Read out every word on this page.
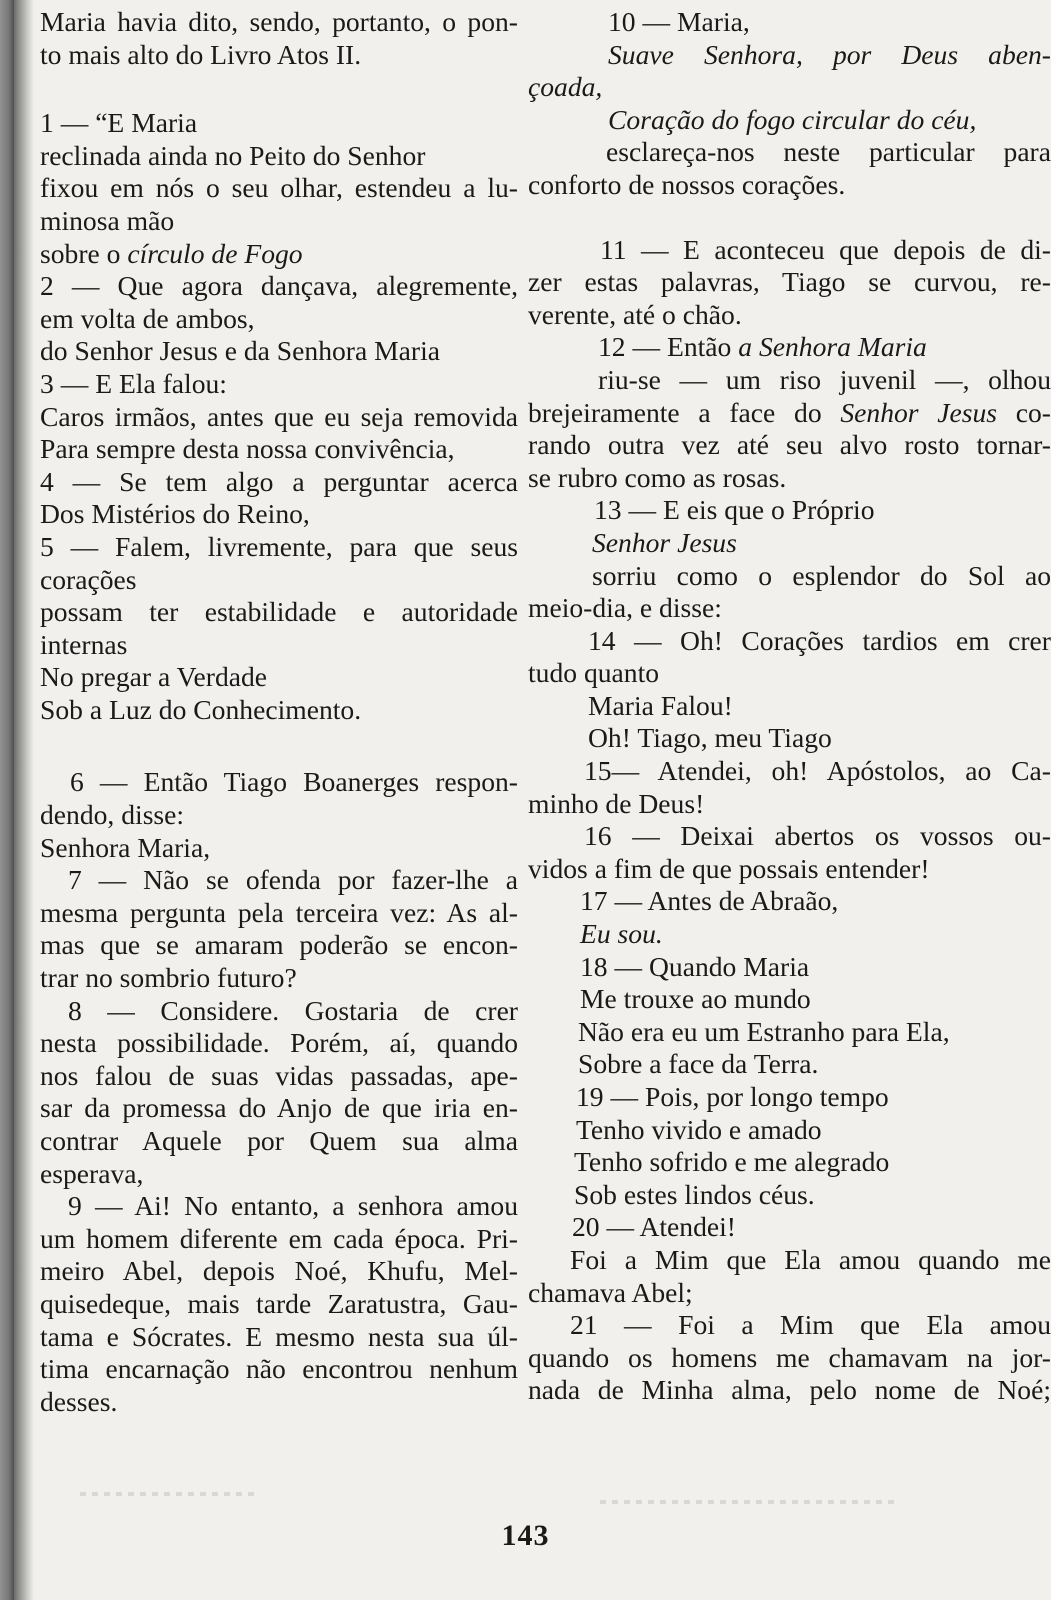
Maria havia dito, sendo, portanto, o pon-

to mais alto do Livro Atos II.

1 — “E Maria

reclinada ainda no Peito do Senhor

fixou em nós o seu olhar, estendeu a lu-

minosa mão

sobre o círculo de Fogo

2 — Que agora dançava, alegremente,

em volta de ambos,

do Senhor Jesus e da Senhora Maria

3 — E Ela falou:

Caros irmãos, antes que eu seja removida

Para sempre desta nossa convivência,

4 — Se tem algo a perguntar acerca

Dos Mistérios do Reino,

5 — Falem, livremente, para que seus

corações

possam ter estabilidade e autoridade

internas

No pregar a Verdade

Sob a Luz do Conhecimento.

6 — Então Tiago Boanerges respon-

dendo, disse:

Senhora Maria,

7 — Não se ofenda por fazer-lhe a

mesma pergunta pela terceira vez: As al-

mas que se amaram poderão se encon-

trar no sombrio futuro?

8 — Considere. Gostaria de crer

nesta possibilidade. Porém, aí, quando

nos falou de suas vidas passadas, ape-

sar da promessa do Anjo de que iria en-

contrar Aquele por Quem sua alma

esperava,

9 — Ai! No entanto, a senhora amou

um homem diferente em cada época. Pri-

meiro Abel, depois Noé, Khufu, Mel-

quisedeque, mais tarde Zaratustra, Gau-

tama e Sócrates. E mesmo nesta sua úl-

tima encarnação não encontrou nenhum

desses.

10 — Maria,

Suave Senhora, por Deus aben-

çoada,

Coração do fogo circular do céu,

esclareça-nos neste particular para

conforto de nossos corações.

11 — E aconteceu que depois de di-

zer estas palavras, Tiago se curvou, re-

verente, até o chão.

12 — Então a Senhora Maria

riu-se — um riso juvenil —, olhou

brejeiramente a face do Senhor Jesus co-

rando outra vez até seu alvo rosto tornar-

se rubro como as rosas.

13 — E eis que o Próprio

Senhor Jesus

sorriu como o esplendor do Sol ao

meio-dia, e disse:

14 — Oh! Corações tardios em crer

tudo quanto

Maria Falou!

Oh! Tiago, meu Tiago

15— Atendei, oh! Apóstolos, ao Ca-

minho de Deus!

16 — Deixai abertos os vossos ou-

vidos a fim de que possais entender!

17 — Antes de Abraão,

Eu sou.

18 — Quando Maria

Me trouxe ao mundo

Não era eu um Estranho para Ela,

Sobre a face da Terra.

19 — Pois, por longo tempo

Tenho vivido e amado

Tenho sofrido e me alegrado

Sob estes lindos céus.

20 — Atendei!

Foi a Mim que Ela amou quando me

chamava Abel;

21 — Foi a Mim que Ela amou

quando os homens me chamavam na jor-

nada de Minha alma, pelo nome de Noé;

143
